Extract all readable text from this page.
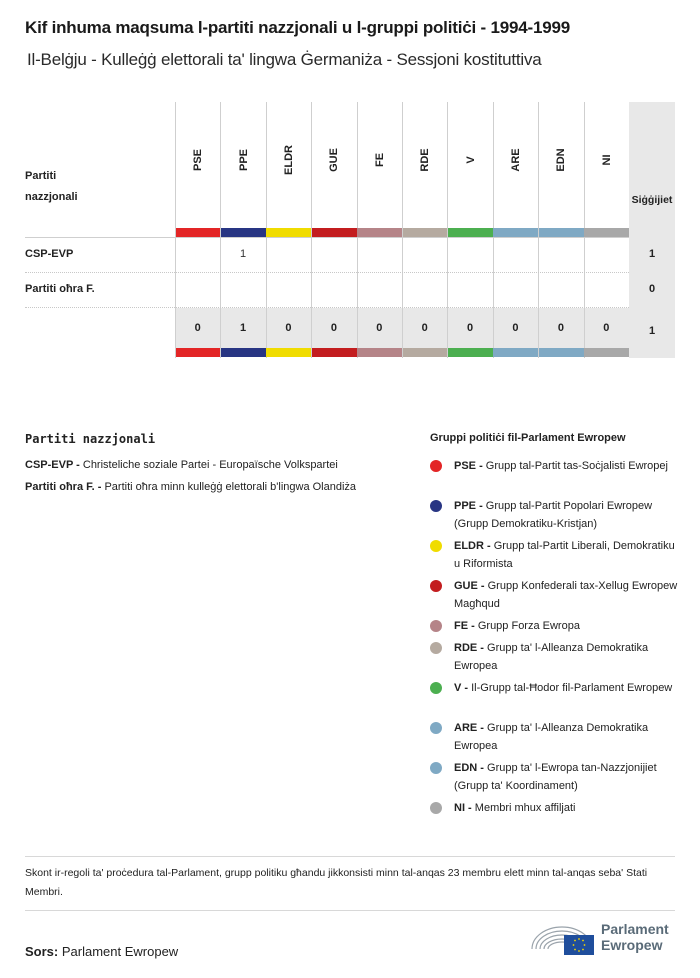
Kif inhuma maqsuma l-partiti nazzjonali u l-gruppi politiċi - 1994-1999
Il-Belġju - Kulleġġ elettorali ta' lingwa Ġermaniża - Sessjoni kostituttiva
Siġġijiet
Partiti nazzjonali
PSE
0
PPE
1
1
ELDR
0
GUE
0
FE
0
RDE
0
V
0
ARE
0
EDN
0
NI
0
CSP-EVP	1
Partiti oħra F.	0
1
Partiti nazzjonali
CSP-EVP - Christeliche soziale Partei - Europaïsche Volkspartei
Partiti oħra F. - Partiti oħra minn kulleġġ elettorali b'lingwa Olandiża
Gruppi politiċi fil-Parlament Ewropew
PSE - Grupp tal-Partit tas-Soċjalisti Ewropej
PPE - Grupp tal-Partit Popolari Ewropew (Grupp Demokratiku-Kristjan)
ELDR - Grupp tal-Partit Liberali, Demokratiku u Riformista
GUE - Grupp Konfederali tax-Xellug Ewropew Magħqud
FE - Grupp Forza Ewropa
RDE - Grupp ta' l-Alleanza Demokratika Ewropea
V - Il-Grupp tal-Ħodor fil-Parlament Ewropew
ARE - Grupp ta' l-Alleanza Demokratika Ewropea
EDN - Grupp ta' l-Ewropa tan-Nazzjonijiet (Grupp ta' Koordinament)
NI - Membri mhux affiljati
Skont ir-regoli ta' proċedura tal-Parlament, grupp politiku għandu jikkonsisti minn tal-anqas 23 membru elett minn tal-anqas seba' Stati Membri.
Sors: Parlament Ewropew
Parlament
Ewropew
